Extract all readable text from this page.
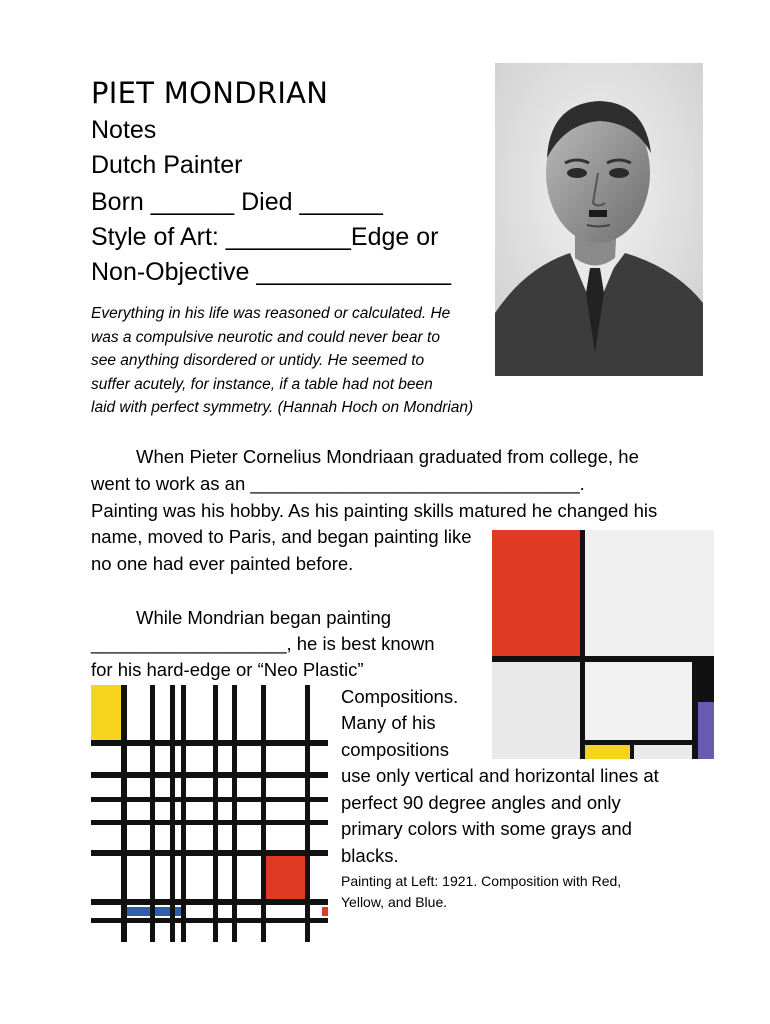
PIET MONDRIAN
Notes
Dutch Painter
Born ______ Died ______
Style of Art: _________Edge or
Non-Objective ______________
Everything in his life was reasoned or calculated. He
was a compulsive neurotic and could never bear to
see anything disordered or untidy. He seemed to
suffer acutely, for instance, if a table had not been
laid with perfect symmetry. (Hannah Hoch on Mondrian)
When Pieter Cornelius Mondriaan graduated from college, he
went to work as an ________________________________.
Painting was his hobby. As his painting skills matured he changed his
name, moved to Paris, and began painting like
no one had ever painted before.
While Mondrian began painting
___________________, he is best known
for his hard-edge or “Neo Plastic”
Compositions.
Many of his
compositions
use only vertical and horizontal lines at
perfect 90 degree angles and only
primary colors with some grays and
blacks.
Painting at Left: 1921. Composition with Red,
Yellow, and Blue.
